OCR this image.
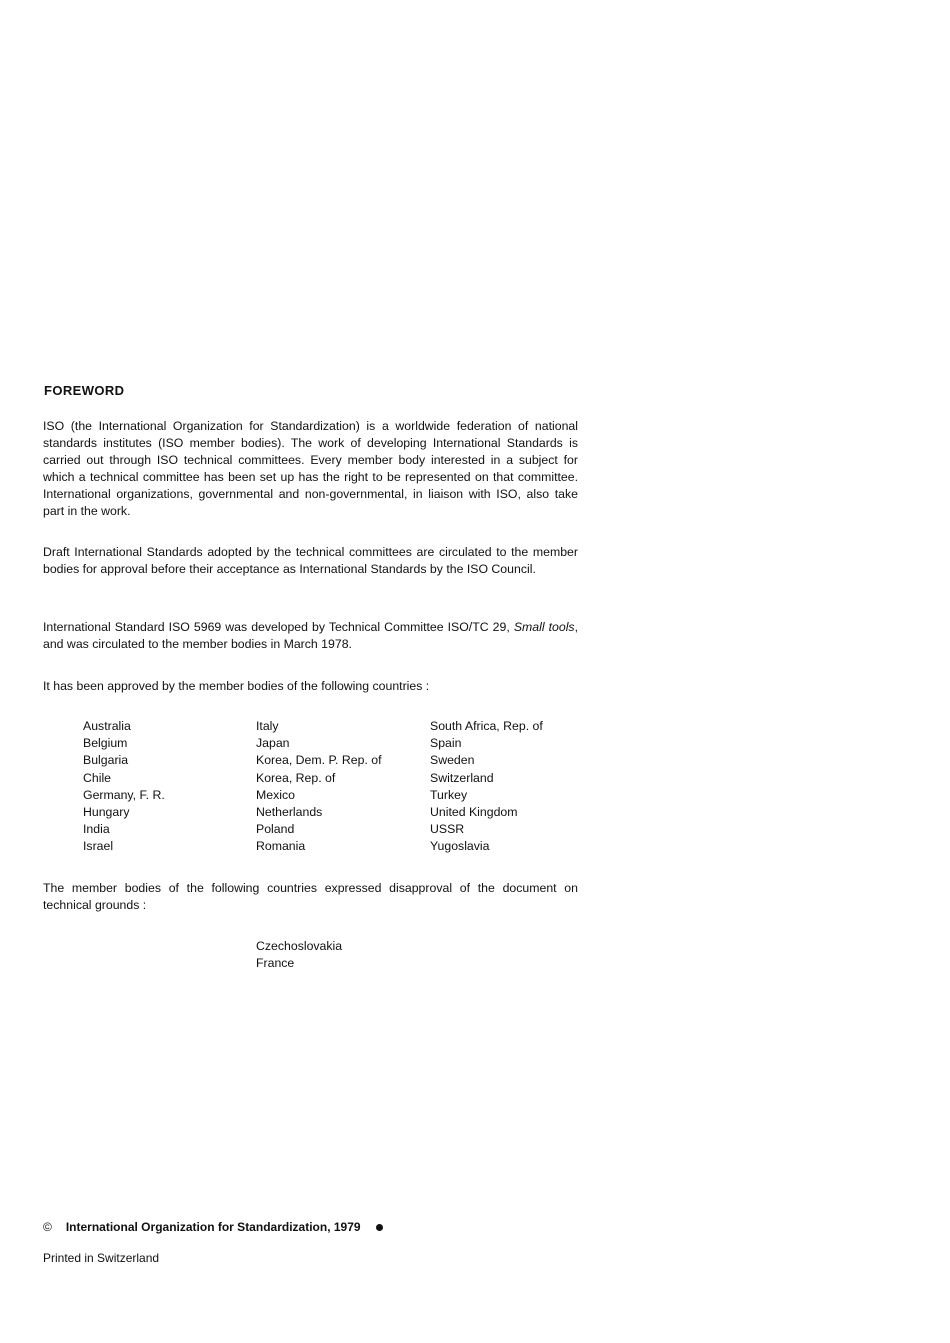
FOREWORD

ISO (the International Organization for Standardization) is a worldwide federation of national standards institutes (ISO member bodies). The work of developing International Standards is carried out through ISO technical committees. Every member body interested in a subject for which a technical committee has been set up has the right to be represented on that committee. International organizations, governmental and non-governmental, in liaison with ISO, also take part in the work.

Draft International Standards adopted by the technical committees are circulated to the member bodies for approval before their acceptance as International Standards by the ISO Council.

International Standard ISO 5969 was developed by Technical Committee ISO/TC 29, Small tools, and was circulated to the member bodies in March 1978.

It has been approved by the member bodies of the following countries :

Australia	Italy	South Africa, Rep. of
Belgium	Japan	Spain
Bulgaria	Korea, Dem. P. Rep. of	Sweden
Chile	Korea, Rep. of	Switzerland
Germany, F. R.	Mexico	Turkey
Hungary	Netherlands	United Kingdom
India	Poland	USSR
Israel	Romania	Yugoslavia

The member bodies of the following countries expressed disapproval of the document on technical grounds :

Czechoslovakia
France
© International Organization for Standardization, 1979
Printed in Switzerland
